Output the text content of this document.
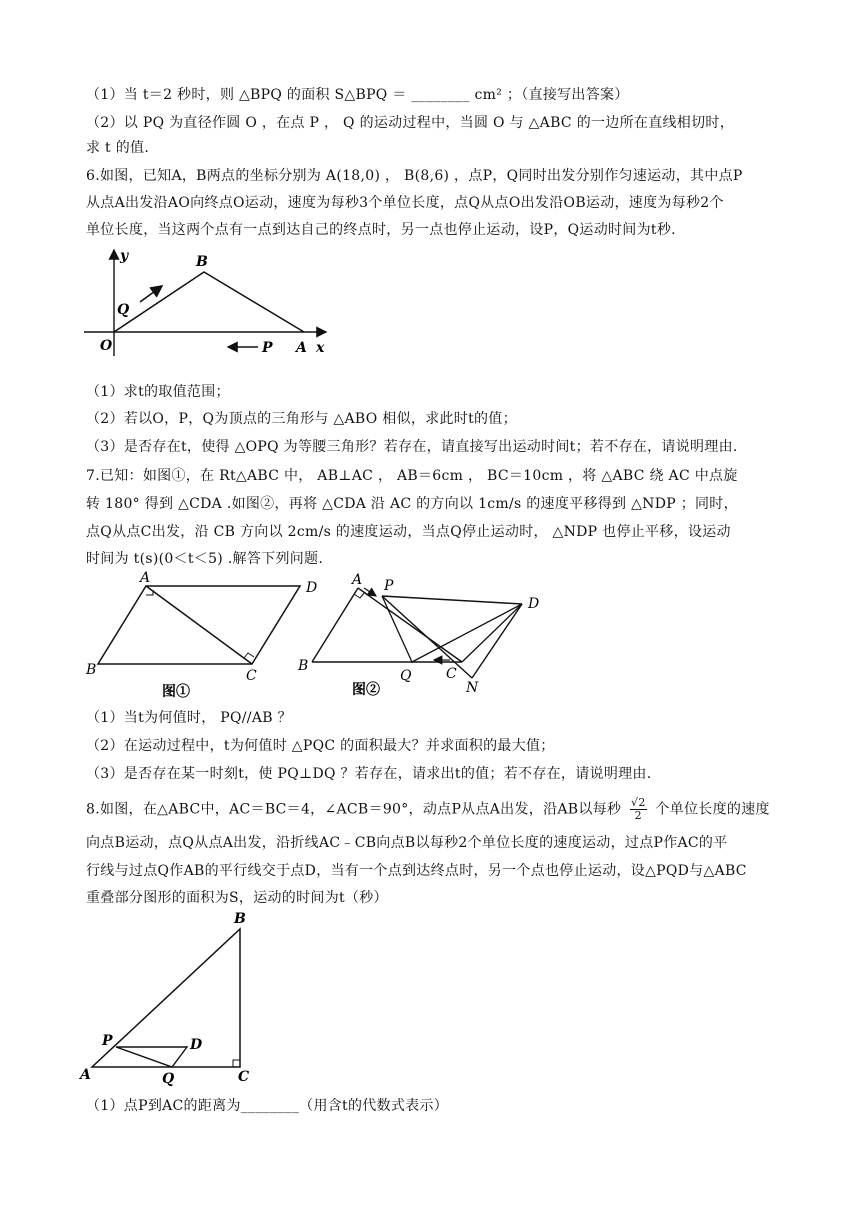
（1）当 t＝2 秒时，则 △BPQ 的面积 S△BPQ ＝ ________ cm² ；（直接写出答案）
（2）以 PQ 为直径作圆 O ，在点 P ， Q 的运动过程中，当圆 O 与 △ABC 的一边所在直线相切时，
求 t 的值.
6.如图，已知A，B两点的坐标分别为 A(18,0) ， B(8,6) ，点P，Q同时出发分别作匀速运动，其中点P
从点A出发沿AO向终点O运动，速度为每秒3个单位长度，点Q从点O出发沿OB运动，速度为每秒2个
单位长度，当这两个点有一点到达自己的终点时，另一点也停止运动，设P，Q运动时间为t秒.
B
Q
O	P A x
y
（1）求t的取值范围；
（2）若以O，P，Q为顶点的三角形与 △ABO 相似，求此时t的值；
（3）是否存在t，使得 △OPQ 为等腰三角形？若存在，请直接写出运动时间t；若不存在，请说明理由.
7.已知：如图①，在 Rt△ABC 中， AB⊥AC ， AB＝6cm ， BC＝10cm ，将 △ABC 绕 AC 中点旋
转 180° 得到 △CDA .如图②，再将 △CDA 沿 AC 的方向以 1cm/s 的速度平移得到 △NDP ；同时，
点Q从点C出发，沿 CB 方向以 2cm/s 的速度运动，当点Q停止运动时， △NDP 也停止平移，设运动
时间为 t(s)(0＜t＜5) .解答下列问题.
A
D
B	C
图①
A P
D
B
Q C
N
图②
（1）当t为何值时， PQ//AB ？
（2）在运动过程中，t为何值时 △PQC 的面积最大？并求面积的最大值；
（3）是否存在某一时刻t，使 PQ⊥DQ ？若存在，请求出t的值；若不存在，请说明理由.
8.如图，在△ABC中，AC＝BC＝4，∠ACB＝90°，动点P从点A出发，沿AB以每秒 $\frac{√2}{2}$ 个单位长度的速度
向点B运动，点Q从点A出发，沿折线AC﹣CB向点B以每秒2个单位长度的速度运动，过点P作AC的平
行线与过点Q作AB的平行线交于点D，当有一个点到达终点时，另一个点也停止运动，设△PQD与△ABC
重叠部分图形的面积为S，运动的时间为t（秒）
B
P	D
A	Q	C
（1）点P到AC的距离为________（用含t的代数式表示）
